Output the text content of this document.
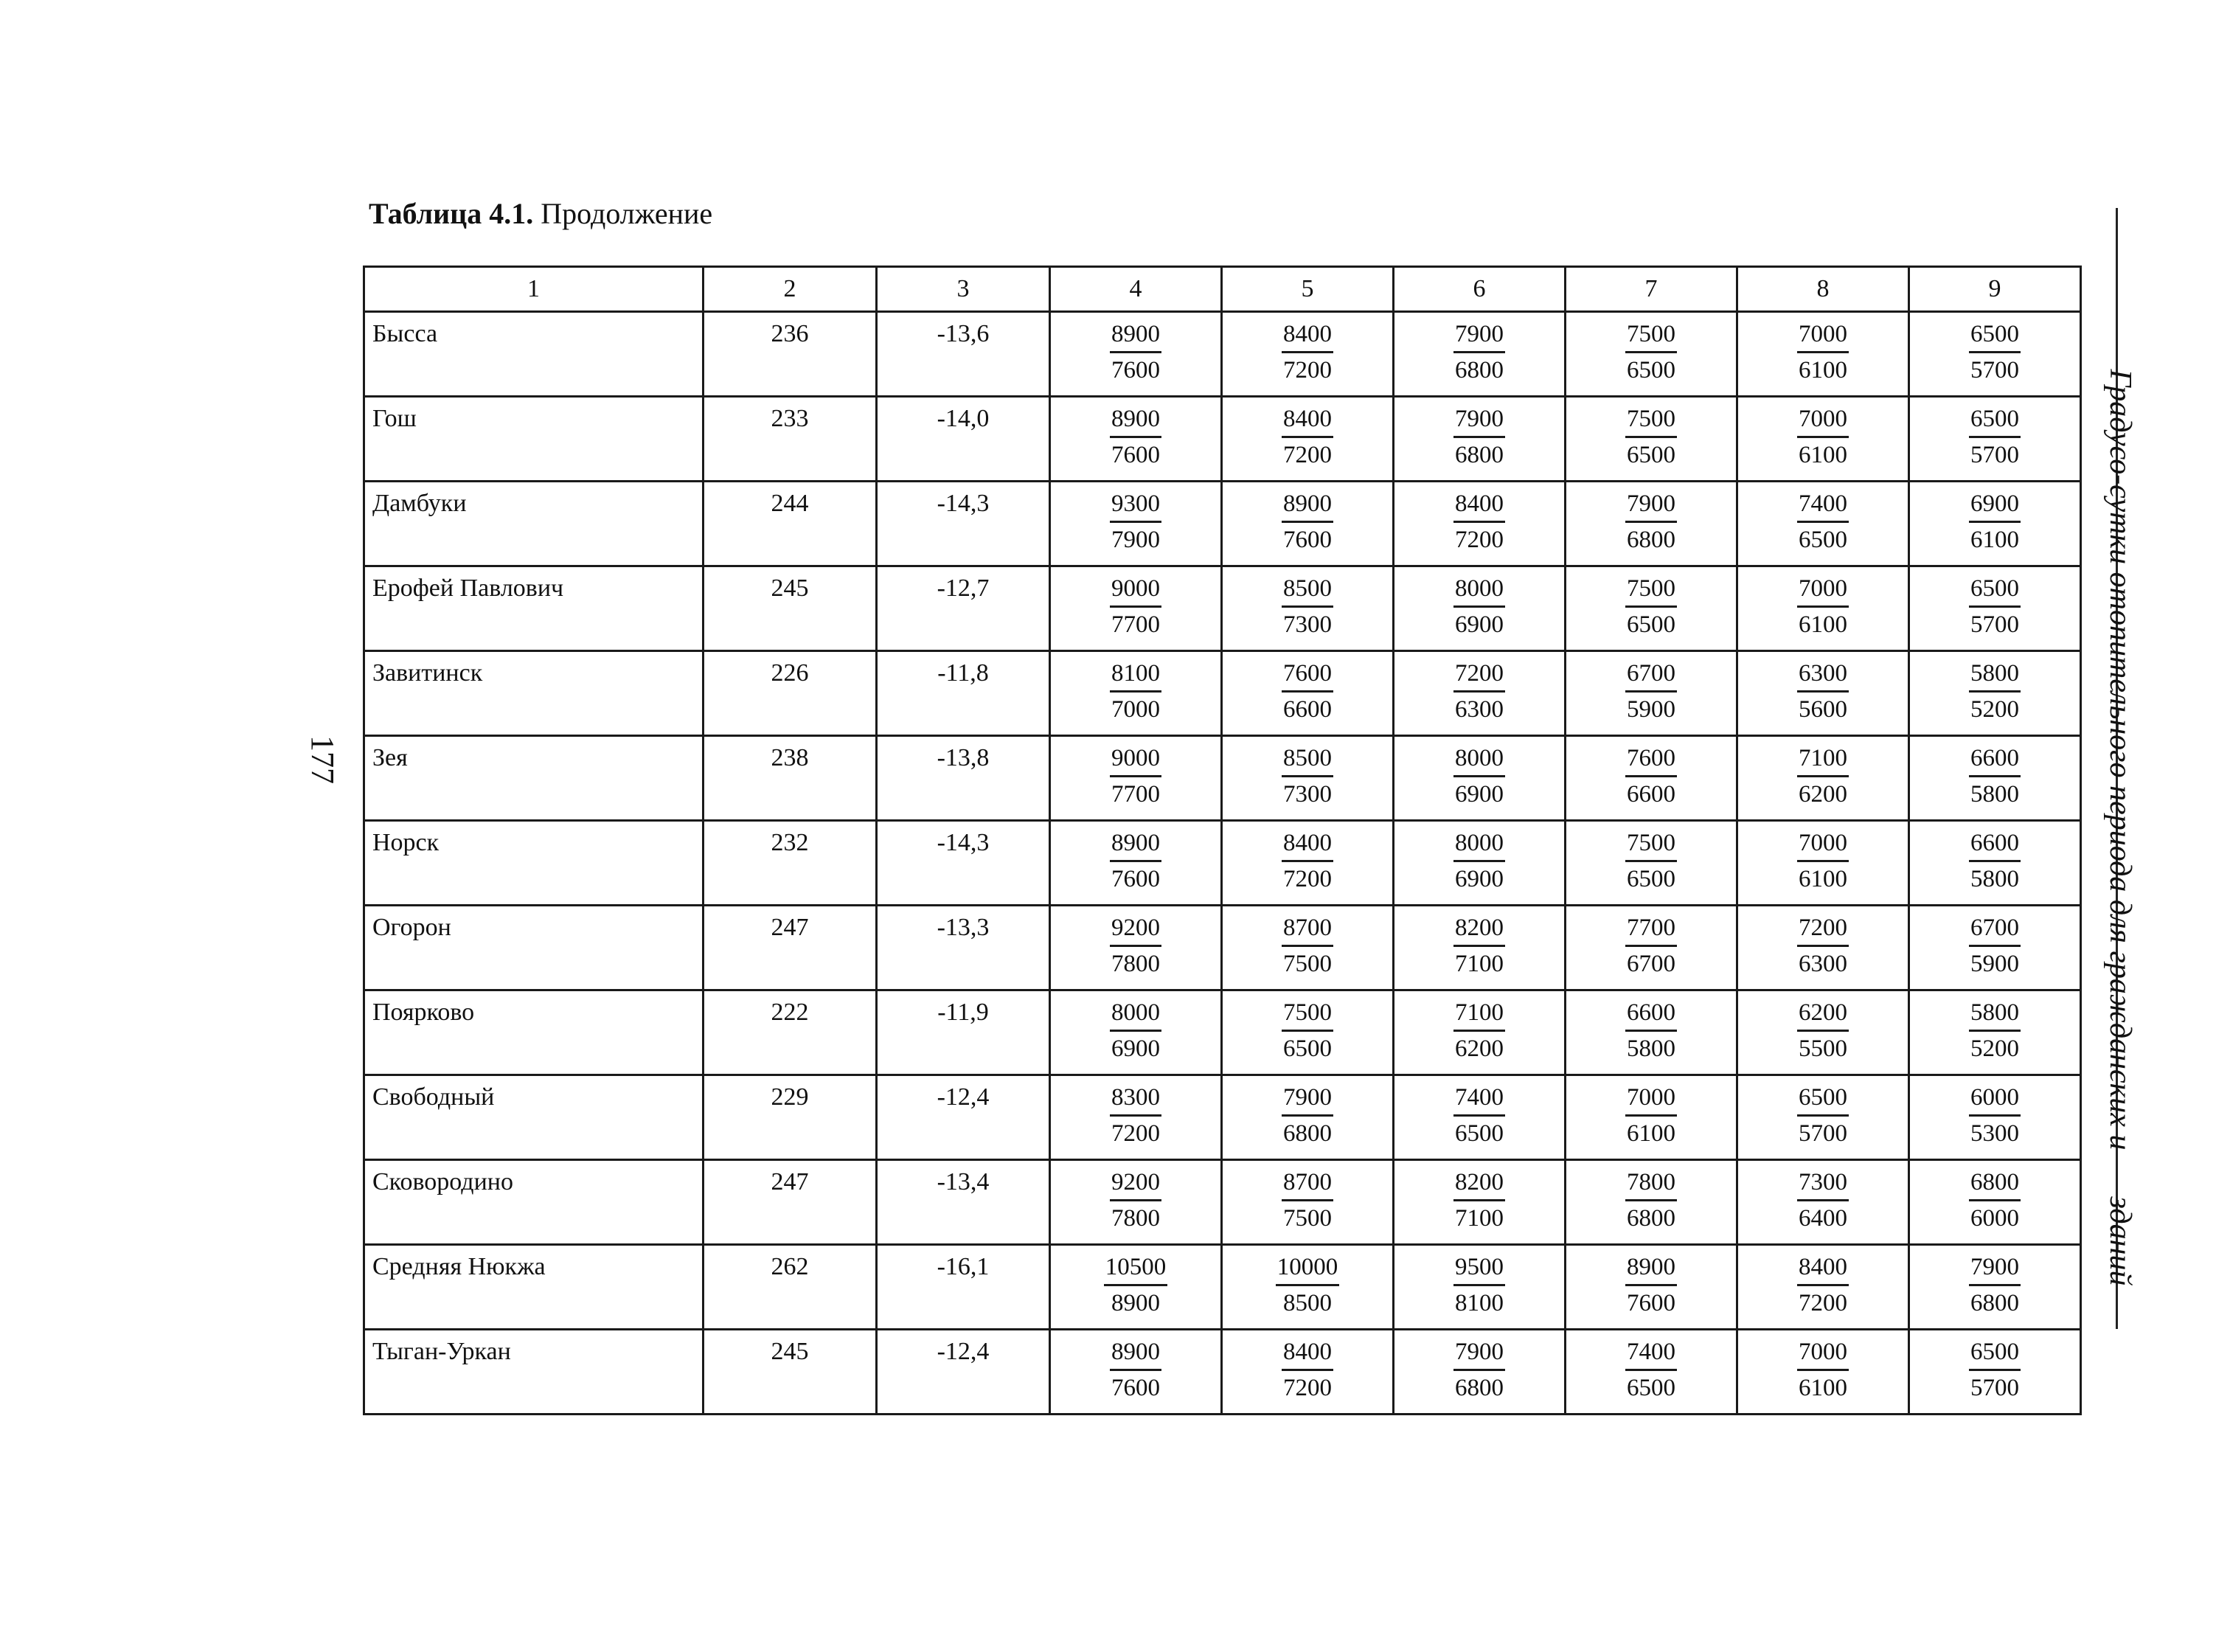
Таблица 4.1. Продолжение
177	Градусо-сутки отопительного периода для гражданских и
зданий
1	2	3	4	5	6	7	8	9
Бысса	236	-13,6	$\frac{8900}{7600}$	$\frac{8400}{7200}$	$\frac{7900}{6800}$	$\frac{7500}{6500}$	$\frac{7000}{6100}$	$\frac{6500}{5700}$

Гош	233	-14,0	$\frac{8900}{7600}$	$\frac{8400}{7200}$	$\frac{7900}{6800}$	$\frac{7500}{6500}$	$\frac{7000}{6100}$	$\frac{6500}{5700}$

Дамбуки	244	-14,3	$\frac{9300}{7900}$	$\frac{8900}{7600}$	$\frac{8400}{7200}$	$\frac{7900}{6800}$	$\frac{7400}{6500}$	$\frac{6900}{6100}$

Ерофей Павлович	245	-12,7	$\frac{9000}{7700}$	$\frac{8500}{7300}$	$\frac{8000}{6900}$	$\frac{7500}{6500}$	$\frac{7000}{6100}$	$\frac{6500}{5700}$

Завитинск	226	-11,8	$\frac{8100}{7000}$	$\frac{7600}{6600}$	$\frac{7200}{6300}$	$\frac{6700}{5900}$	$\frac{6300}{5600}$	$\frac{5800}{5200}$

Зея	238	-13,8	$\frac{9000}{7700}$	$\frac{8500}{7300}$	$\frac{8000}{6900}$	$\frac{7600}{6600}$	$\frac{7100}{6200}$	$\frac{6600}{5800}$

Норск	232	-14,3	$\frac{8900}{7600}$	$\frac{8400}{7200}$	$\frac{8000}{6900}$	$\frac{7500}{6500}$	$\frac{7000}{6100}$	$\frac{6600}{5800}$

Огорон	247	-13,3	$\frac{9200}{7800}$	$\frac{8700}{7500}$	$\frac{8200}{7100}$	$\frac{7700}{6700}$	$\frac{7200}{6300}$	$\frac{6700}{5900}$

Поярково	222	-11,9	$\frac{8000}{6900}$	$\frac{7500}{6500}$	$\frac{7100}{6200}$	$\frac{6600}{5800}$	$\frac{6200}{5500}$	$\frac{5800}{5200}$

Свободный	229	-12,4	$\frac{8300}{7200}$	$\frac{7900}{6800}$	$\frac{7400}{6500}$	$\frac{7000}{6100}$	$\frac{6500}{5700}$	$\frac{6000}{5300}$

Сковородино	247	-13,4	$\frac{9200}{7800}$	$\frac{8700}{7500}$	$\frac{8200}{7100}$	$\frac{7800}{6800}$	$\frac{7300}{6400}$	$\frac{6800}{6000}$

Средняя Нюкжа	262	-16,1	$\frac{10500}{8900}$	$\frac{10000}{8500}$	$\frac{9500}{8100}$	$\frac{8900}{7600}$	$\frac{8400}{7200}$	$\frac{7900}{6800}$

Тыган-Уркан	245	-12,4	$\frac{8900}{7600}$	$\frac{8400}{7200}$	$\frac{7900}{6800}$	$\frac{7400}{6500}$	$\frac{7000}{6100}$	$\frac{6500}{5700}$
